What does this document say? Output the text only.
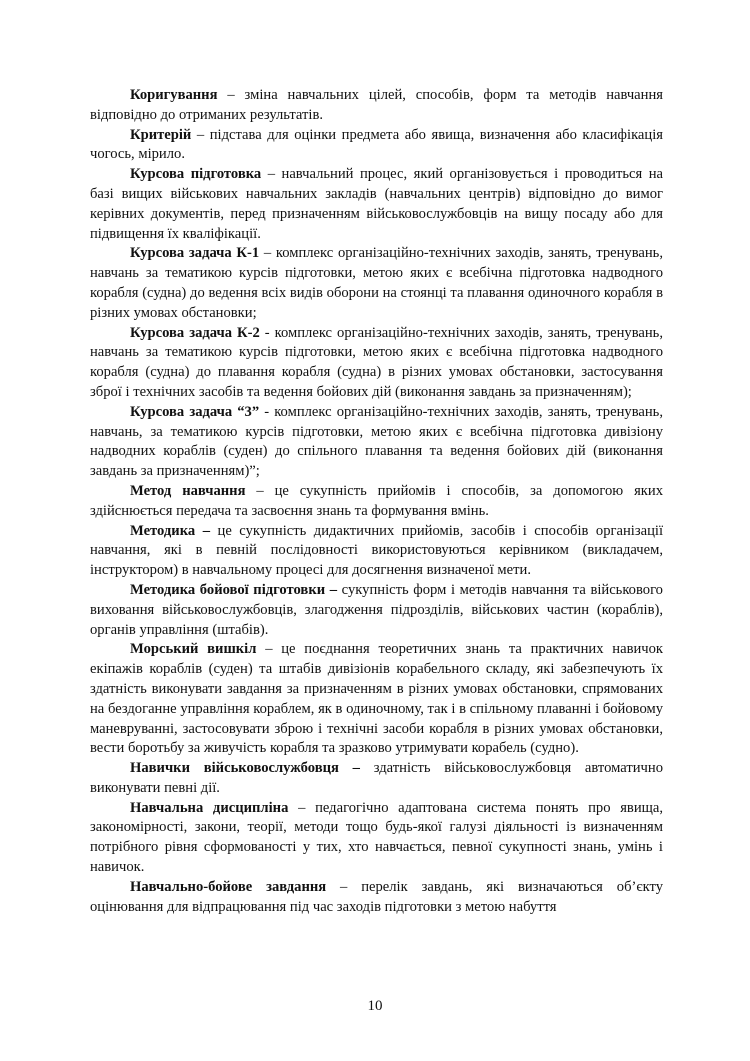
Коригування – зміна навчальних цілей, способів, форм та методів навчання відповідно до отриманих результатів.

Критерій – підстава для оцінки предмета або явища, визначення або класифікація чогось, мірило.

Курсова підготовка – навчальний процес, який організовується і проводиться на базі вищих військових навчальних закладів (навчальних центрів) відповідно до вимог керівних документів, перед призначенням військовослужбовців на вищу посаду або для підвищення їх кваліфікації.

Курсова задача К-1 – комплекс організаційно-технічних заходів, занять, тренувань, навчань за тематикою курсів підготовки, метою яких є всебічна підготовка надводного корабля (судна) до ведення всіх видів оборони на стоянці та плавання одиночного корабля в різних умовах обстановки;

Курсова задача К-2 - комплекс організаційно-технічних заходів, занять, тренувань, навчань за тематикою курсів підготовки, метою яких є всебічна підготовка надводного корабля (судна) до плавання корабля (судна) в різних умовах обстановки, застосування зброї і технічних засобів та ведення бойових дій (виконання завдань за призначенням);

Курсова задача “3” - комплекс організаційно-технічних заходів, занять, тренувань, навчань, за тематикою курсів підготовки, метою яких є всебічна підготовка дивізіону надводних кораблів (суден) до спільного плавання та ведення бойових дій (виконання завдань за призначенням)”;

Метод навчання – це сукупність прийомів і способів, за допомогою яких здійснюється передача та засвоєння знань та формування вмінь.

Методика – це сукупність дидактичних прийомів, засобів і способів організації навчання, які в певній послідовності використовуються керівником (викладачем, інструктором) в навчальному процесі для досягнення визначеної мети.

Методика бойової підготовки – сукупність форм і методів навчання та військового виховання військовослужбовців, злагодження підрозділів, військових частин (кораблів), органів управління (штабів).

Морський вишкіл – це поєднання теоретичних знань та практичних навичок екіпажів кораблів (суден) та штабів дивізіонів корабельного складу, які забезпечують їх здатність виконувати завдання за призначенням в різних умовах обстановки, спрямованих на бездоганне управління кораблем, як в одиночному, так і в спільному плаванні і бойовому маневруванні, застосовувати зброю і технічні засоби корабля в різних умовах обстановки, вести боротьбу за живучість корабля та зразково утримувати корабель (судно).

Навички військовослужбовця – здатність військовослужбовця автоматично виконувати певні дії.

Навчальна дисципліна – педагогічно адаптована система понять про явища, закономірності, закони, теорії, методи тощо будь-якої галузі діяльності із визначенням потрібного рівня сформованості у тих, хто навчається, певної сукупності знань, умінь і навичок.

Навчально-бойове завдання – перелік завдань, які визначаються об’єкту оцінювання для відпрацювання під час заходів підготовки з метою набуття

10
